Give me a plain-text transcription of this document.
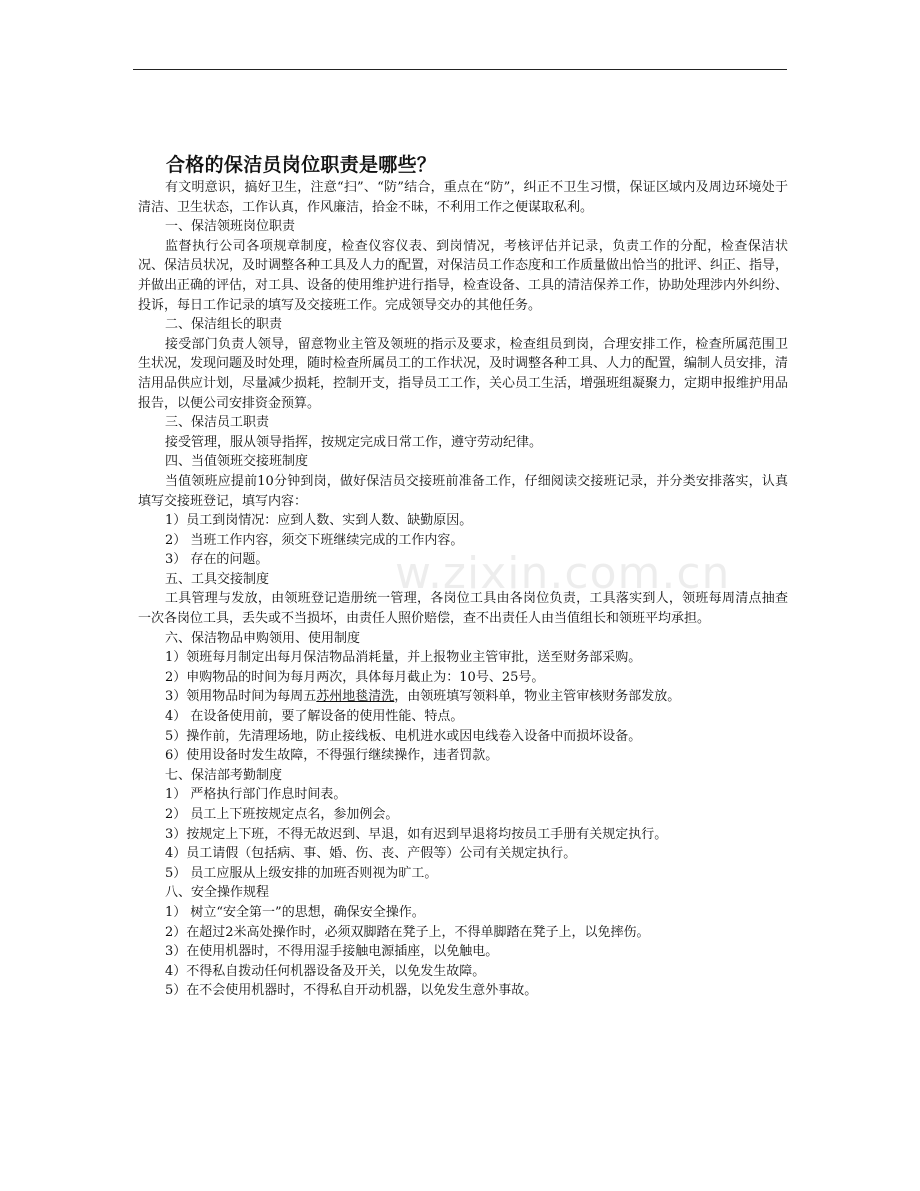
合格的保洁员岗位职责是哪些？

有文明意识，搞好卫生，注意“扫”、“防”结合，重点在“防”，纠正不卫生习惯，保证区域内及周边环境处于清洁、卫生状态，工作认真，作风廉洁，拾金不昧，不利用工作之便谋取私利。

一、保洁领班岗位职责

监督执行公司各项规章制度，检查仪容仪表、到岗情况，考核评估并记录，负责工作的分配，检查保洁状况、保洁员状况，及时调整各种工具及人力的配置，对保洁员工作态度和工作质量做出恰当的批评、纠正、指导，并做出正确的评估，对工具、设备的使用维护进行指导，检查设备、工具的清洁保养工作，协助处理涉内外纠纷、投诉，每日工作记录的填写及交接班工作。完成领导交办的其他任务。

二、保洁组长的职责

接受部门负责人领导，留意物业主管及领班的指示及要求，检查组员到岗，合理安排工作，检查所属范围卫生状况，发现问题及时处理，随时检查所属员工的工作状况，及时调整各种工具、人力的配置，编制人员安排，清洁用品供应计划，尽量减少损耗，控制开支，指导员工工作，关心员工生活，增强班组凝聚力，定期申报维护用品报告，以便公司安排资金预算。

三、保洁员工职责

接受管理，服从领导指挥，按规定完成日常工作，遵守劳动纪律。

四、当值领班交接班制度

当值领班应提前10分钟到岗，做好保洁员交接班前准备工作，仔细阅读交接班记录，并分类安排落实，认真填写交接班登记，填写内容：

1）员工到岗情况：应到人数、实到人数、缺勤原因。

2） 当班工作内容，须交下班继续完成的工作内容。

3） 存在的问题。

五、工具交接制度

工具管理与发放，由领班登记造册统一管理，各岗位工具由各岗位负责，工具落实到人，领班每周清点抽查一次各岗位工具，丢失或不当损坏，由责任人照价赔偿，查不出责任人由当值组长和领班平均承担。

六、保洁物品申购领用、使用制度

1）领班每月制定出每月保洁物品消耗量，并上报物业主管审批，送至财务部采购。

2）申购物品的时间为每月两次，具体每月截止为：10号、25号。

3）领用物品时间为每周五苏州地毯清洗，由领班填写领料单，物业主管审核财务部发放。

4） 在设备使用前，要了解设备的使用性能、特点。

5）操作前，先清理场地，防止接线板、电机进水或因电线卷入设备中而损坏设备。

6）使用设备时发生故障，不得强行继续操作，违者罚款。

七、保洁部考勤制度

1） 严格执行部门作息时间表。

2） 员工上下班按规定点名，参加例会。

3）按规定上下班，不得无故迟到、早退，如有迟到早退将均按员工手册有关规定执行。

4）员工请假（包括病、事、婚、伤、丧、产假等）公司有关规定执行。

5） 员工应服从上级安排的加班否则视为旷工。

八、安全操作规程

1） 树立“安全第一”的思想，确保安全操作。

2）在超过2米高处操作时，必须双脚踏在凳子上，不得单脚踏在凳子上，以免摔伤。

3）在使用机器时，不得用湿手接触电源插座，以免触电。

4）不得私自拨动任何机器设备及开关，以免发生故障。

5）在不会使用机器时，不得私自开动机器，以免发生意外事故。

w.zixin.com.cn
